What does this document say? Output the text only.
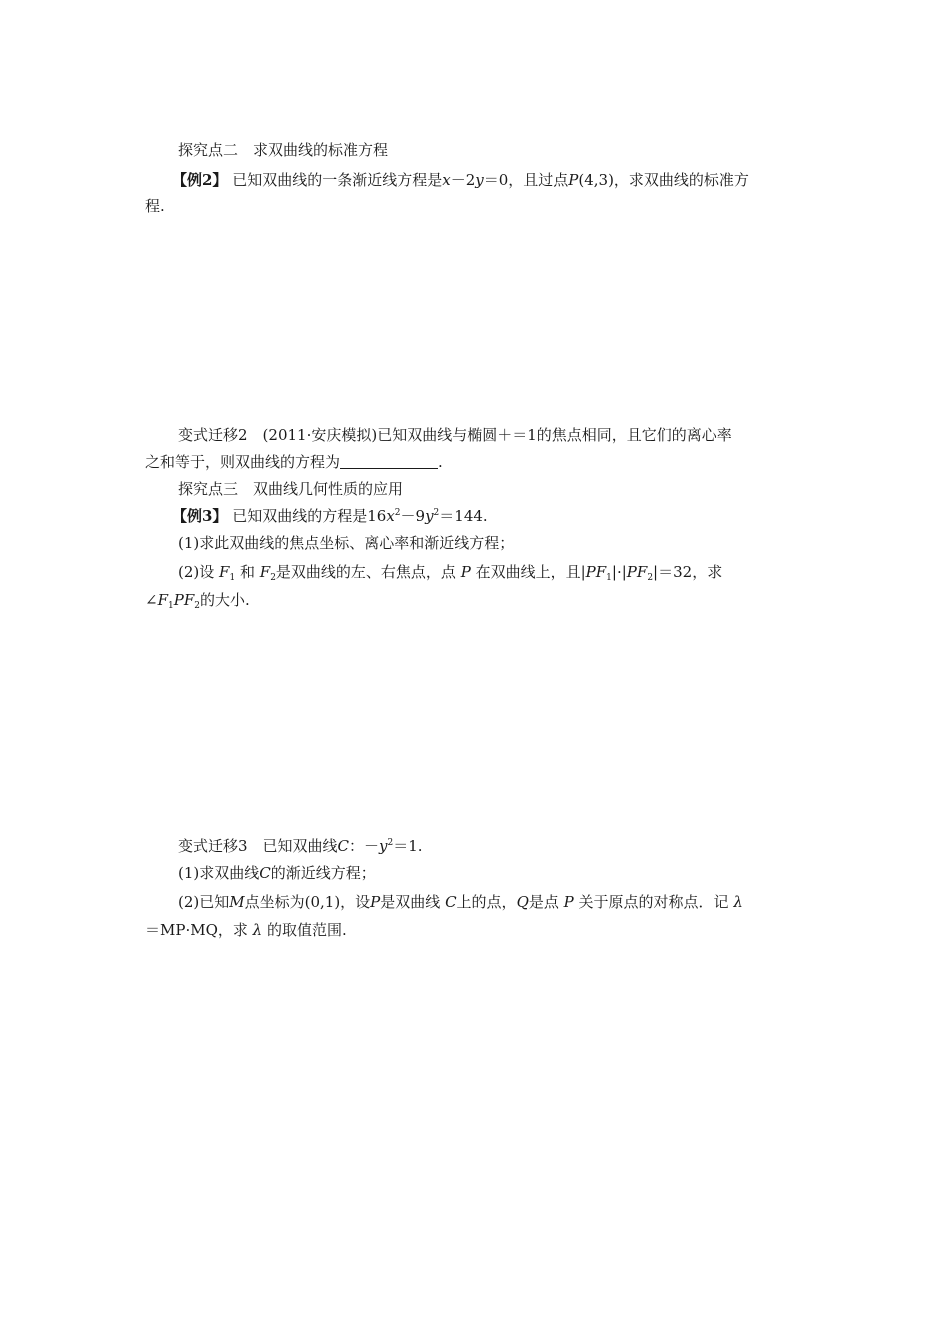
探究点二　求双曲线的标准方程
【例2】 已知双曲线的一条渐近线方程是x－2y＝0，且过点P(4,3)，求双曲线的标准方
程.
变式迁移2　(2011·安庆模拟)已知双曲线与椭圆＋＝1的焦点相同，且它们的离心率
之和等于，则双曲线的方程为	.
探究点三　双曲线几何性质的应用
【例3】 已知双曲线的方程是$16x^2-9y^2=144$.
(1)求此双曲线的焦点坐标、离心率和渐近线方程；
(2)设 $F_1$ 和 $F_2$是双曲线的左、右焦点，点 P 在双曲线上，且$|PF_1|\cdot|PF_2|=32$，求
$\angle F_1PF_2$的大小.
变式迁移3　已知双曲线C：$-y^2=1$.
(1)求双曲线C的渐近线方程；
(2)已知M点坐标为(0,1)，设P是双曲线 C上的点，Q是点 P 关于原点的对称点．记 λ
＝MP·MQ，求 λ 的取值范围.
